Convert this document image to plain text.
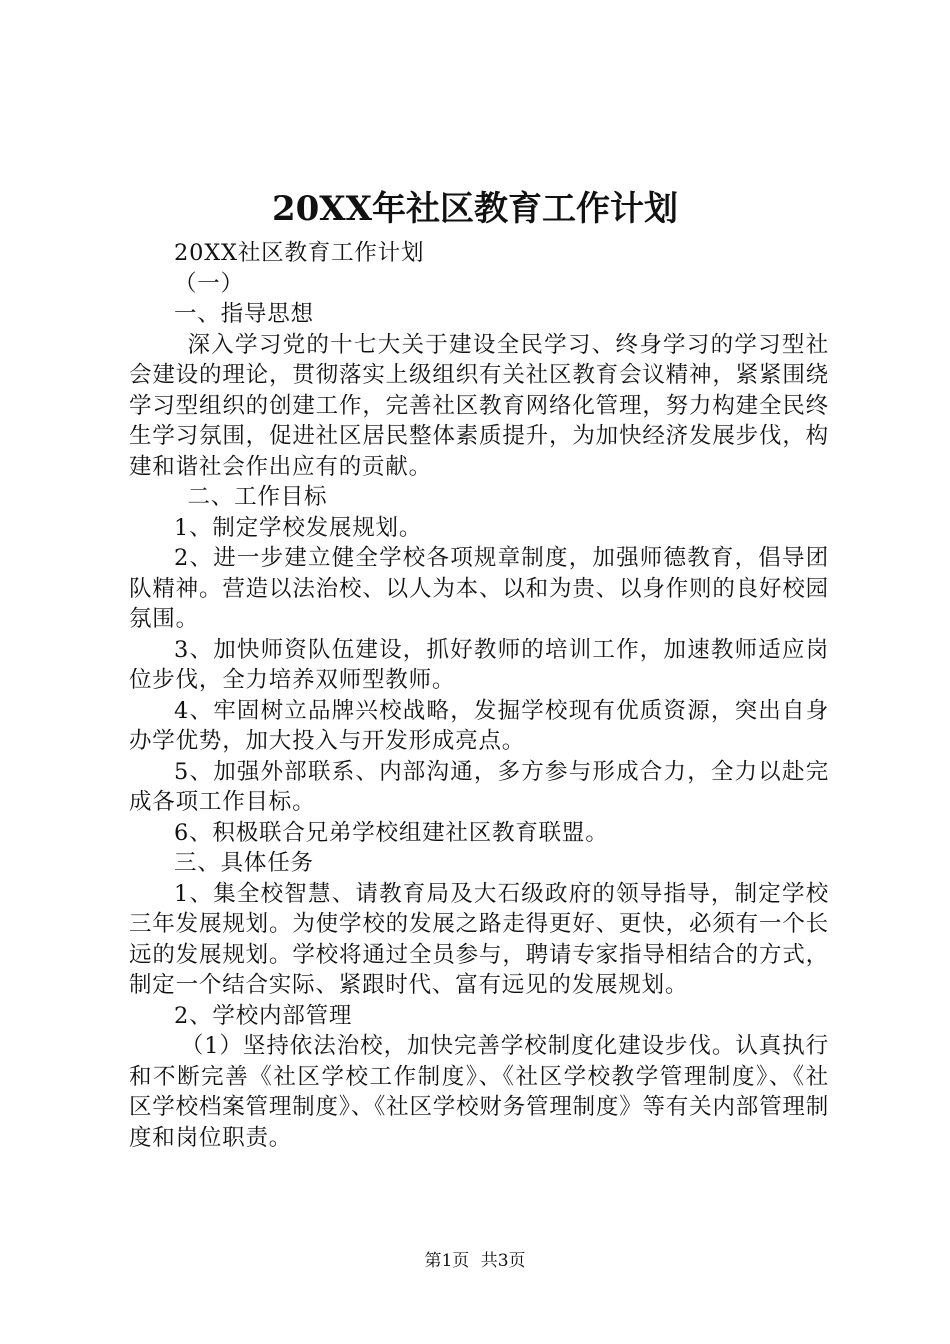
20XX年社区教育工作计划

20XX社区教育工作计划

（一）

一、指导思想

深入学习党的十七大关于建设全民学习、终身学习的学习型社会建设的理论，贯彻落实上级组织有关社区教育会议精神，紧紧围绕学习型组织的创建工作，完善社区教育网络化管理，努力构建全民终生学习氛围，促进社区居民整体素质提升，为加快经济发展步伐，构建和谐社会作出应有的贡献。

二、工作目标

1、制定学校发展规划。

2、进一步建立健全学校各项规章制度，加强师德教育，倡导团队精神。营造以法治校、以人为本、以和为贵、以身作则的良好校园氛围。

3、加快师资队伍建设，抓好教师的培训工作，加速教师适应岗位步伐，全力培养双师型教师。

4、牢固树立品牌兴校战略，发掘学校现有优质资源，突出自身办学优势，加大投入与开发形成亮点。

5、加强外部联系、内部沟通，多方参与形成合力，全力以赴完成各项工作目标。

6、积极联合兄弟学校组建社区教育联盟。

三、具体任务

1、集全校智慧、请教育局及大石级政府的领导指导，制定学校三年发展规划。为使学校的发展之路走得更好、更快，必须有一个长远的发展规划。学校将通过全员参与，聘请专家指导相结合的方式，制定一个结合实际、紧跟时代、富有远见的发展规划。

2、学校内部管理

（1）坚持依法治校，加快完善学校制度化建设步伐。认真执行和不断完善《社区学校工作制度》、《社区学校教学管理制度》、《社区学校档案管理制度》、《社区学校财务管理制度》等有关内部管理制度和岗位职责。

第1页 共3页
